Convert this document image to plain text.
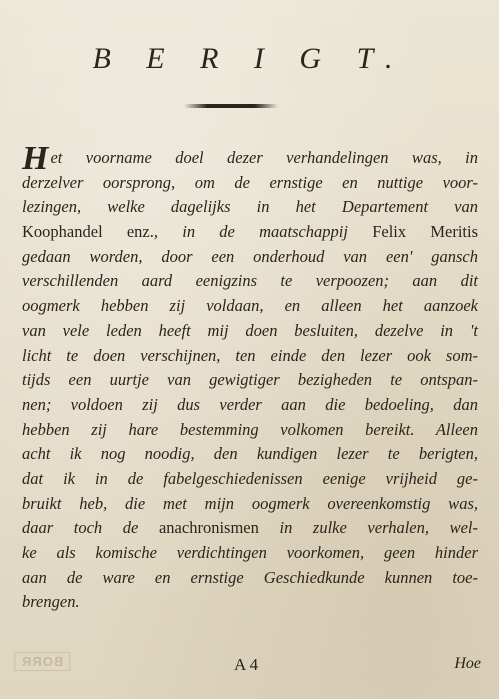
B E R I G T.
Het voorname doel dezer verhandelingen was, in
derzelver oorsprong, om de ernstige en nuttige voor-
lezingen, welke dagelijks in het Departement van
Koophandel enz., in de maatschappij Felix Meritis
gedaan worden, door een onderhoud van een' gansch
verschillenden aard eenigzins te verpoozen; aan dit
oogmerk hebben zij voldaan, en alleen het aanzoek
van vele leden heeft mij doen besluiten, dezelve in 't
licht te doen verschijnen, ten einde den lezer ook som-
tijds een uurtje van gewigtiger bezigheden te ontspan-
nen; voldoen zij dus verder aan die bedoeling, dan
hebben zij hare bestemming volkomen bereikt. Alleen
acht ik nog noodig, den kundigen lezer te berigten,
dat ik in de fabelgeschiedenissen eenige vrijheid ge-
bruikt heb, die met mijn oogmerk overeenkomstig was,
daar toch de anachronismen in zulke verhalen, wel-
ke als komische verdichtingen voorkomen, geen hinder
aan de ware en ernstige Geschiedkunde kunnen toe-
brengen.
BORR	A 4	Hoe
